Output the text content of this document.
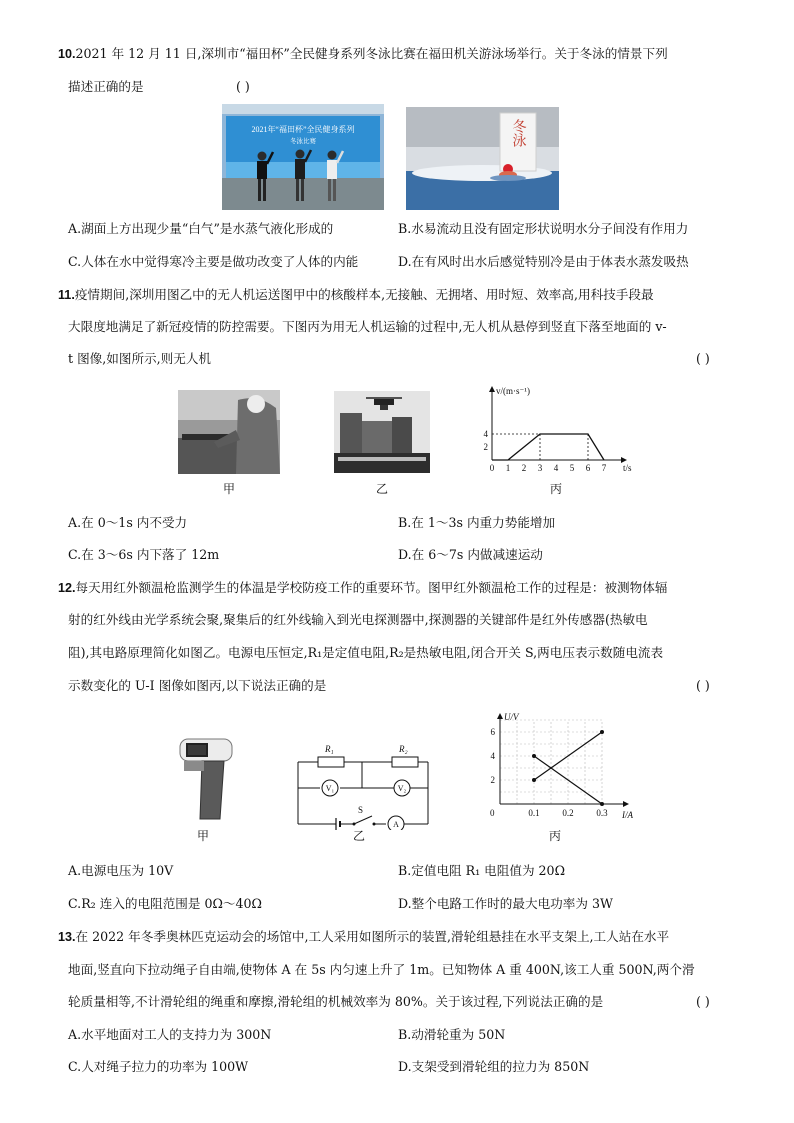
10.2021 年 12 月 11 日,深圳市“福田杯”全民健身系列冬泳比赛在福田机关游泳场举行。关于冬泳的情景下列
描述正确的是	( )
2021年“福田杯”全民健身系列
冬泳比赛	冬泳
A.湖面上方出现少量“白气”是水蒸气液化形成的	B.水易流动且没有固定形状说明水分子间没有作用力
C.人体在水中觉得寒冷主要是做功改变了人体的内能	D.在有风时出水后感觉特别冷是由于体表水蒸发吸热
11.疫情期间,深圳用图乙中的无人机运送图甲中的核酸样本,无接触、无拥堵、用时短、效率高,用科技手段最
大限度地满足了新冠疫情的防控需要。下图丙为用无人机运输的过程中,无人机从悬停到竖直下落至地面的 v-
t 图像,如图所示,则无人机	( )
甲	乙
v/(m·s⁻¹)
t/s
0 1 2 3 4 5 6 7
2
4
丙
A.在 0～1s 内不受力	B.在 1～3s 内重力势能增加
C.在 3～6s 内下落了 12m	D.在 6～7s 内做减速运动
12.每天用红外额温枪监测学生的体温是学校防疫工作的重要环节。图甲红外额温枪工作的过程是：被测物体辐
射的红外线由光学系统会聚,聚集后的红外线输入到光电探测器中,探测器的关键部件是红外传感器(热敏电
阻),其电路原理简化如图乙。电源电压恒定,R₁是定值电阻,R₂是热敏电阻,闭合开关 S,两电压表示数随电流表
示数变化的 U-I 图像如图丙,以下说法正确的是	( )
甲
R₁	R₂
V₁	V₂
S
A
乙
U/V
I/A
0	0.1	0.2	0.3
2
4
6
丙
A.电源电压为 10V	B.定值电阻 R₁ 电阻值为 20Ω
C.R₂ 连入的电阻范围是 0Ω～40Ω	D.整个电路工作时的最大电功率为 3W
13.在 2022 年冬季奥林匹克运动会的场馆中,工人采用如图所示的装置,滑轮组悬挂在水平支架上,工人站在水平
地面,竖直向下拉动绳子自由端,使物体 A 在 5s 内匀速上升了 1m。已知物体 A 重 400N,该工人重 500N,两个滑
轮质量相等,不计滑轮组的绳重和摩擦,滑轮组的机械效率为 80%。关于该过程,下列说法正确的是	( )
A.水平地面对工人的支持力为 300N	B.动滑轮重为 50N
C.人对绳子拉力的功率为 100W	D.支架受到滑轮组的拉力为 850N
